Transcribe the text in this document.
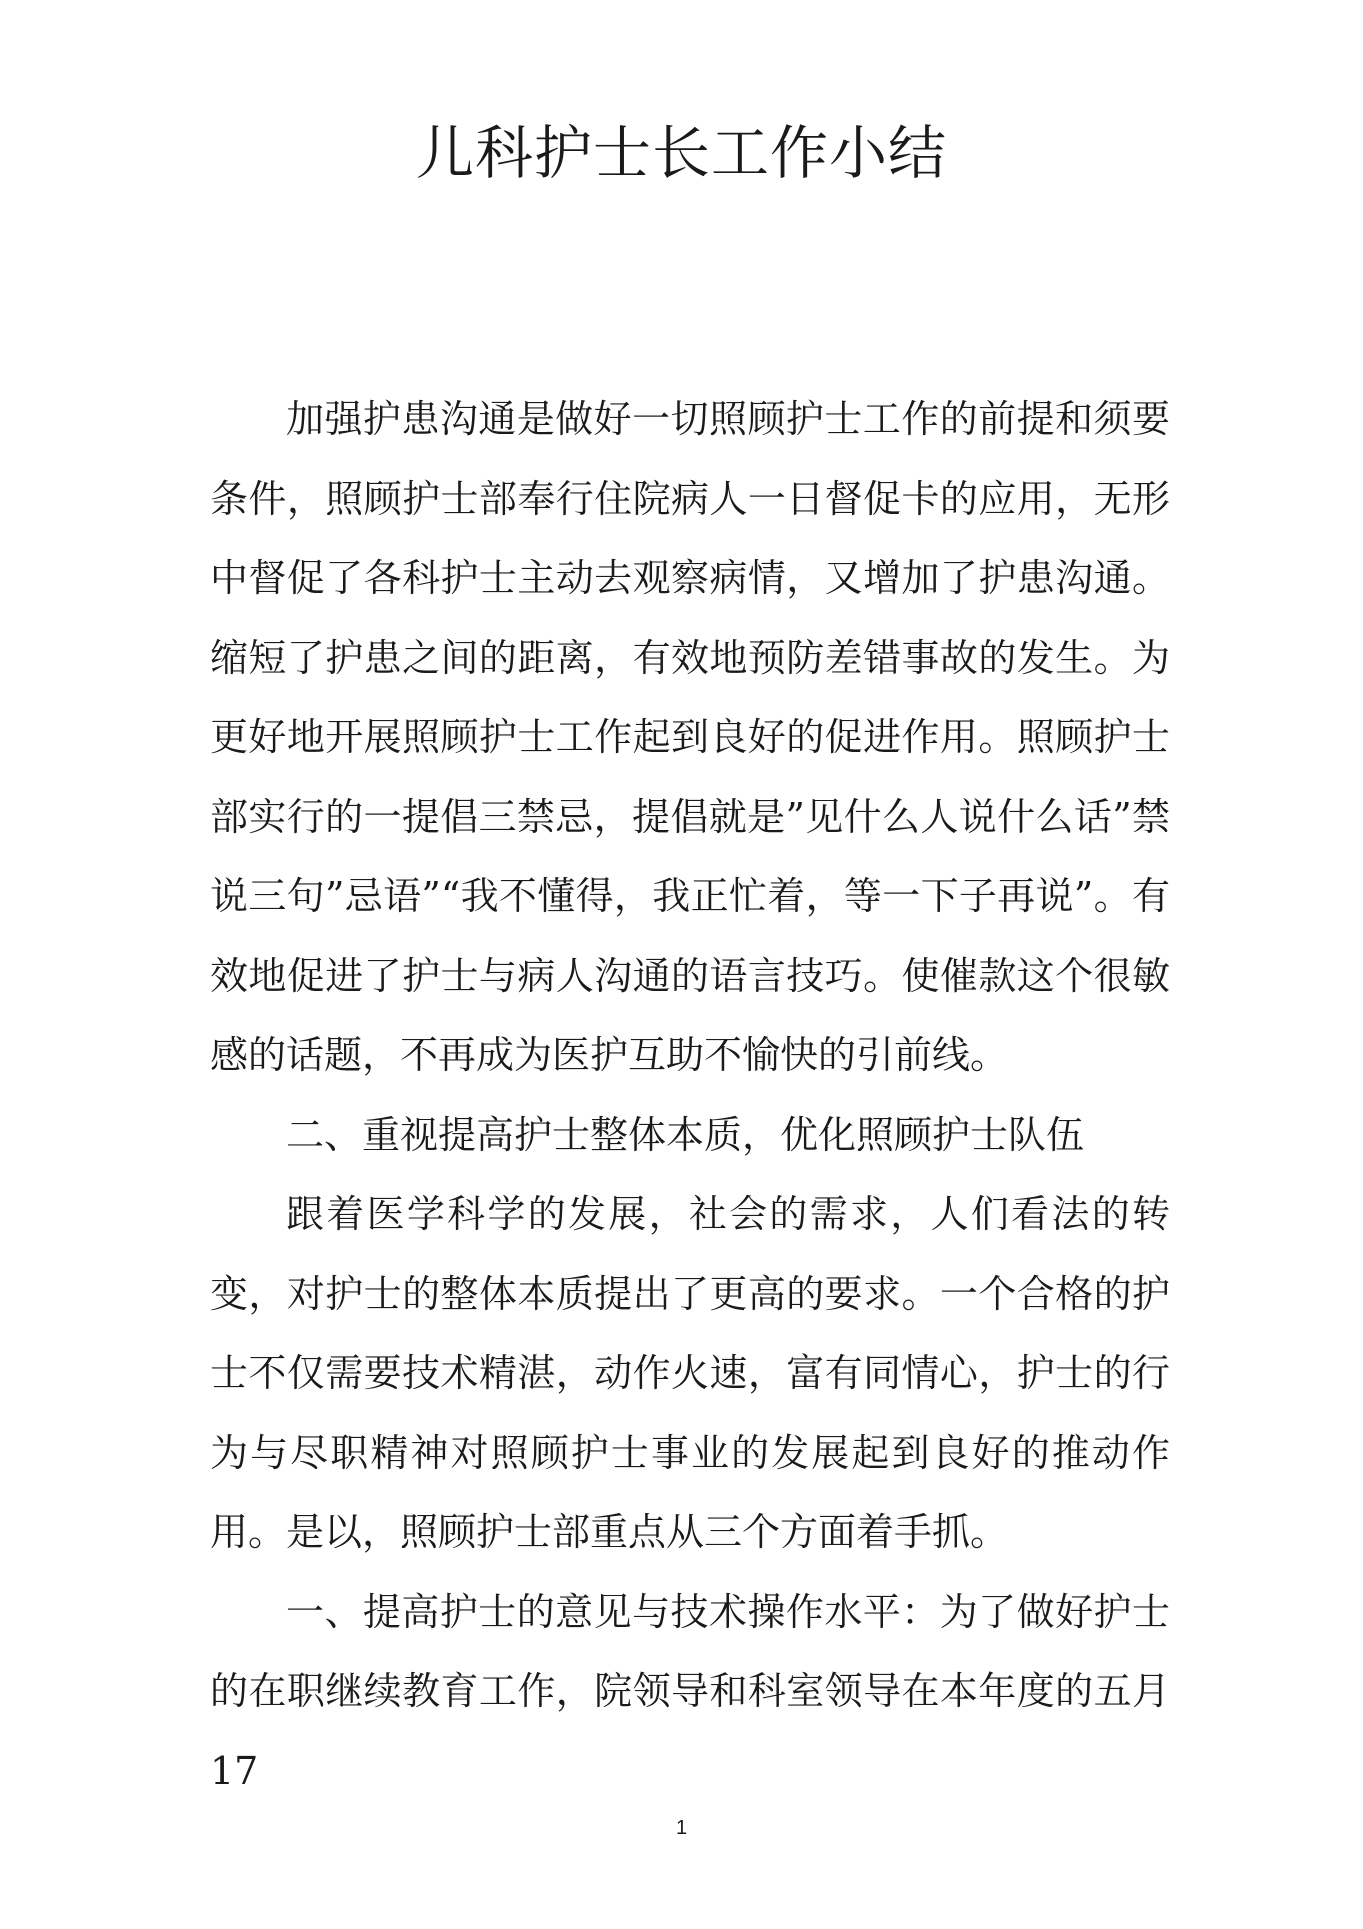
儿科护士长工作小结

加强护患沟通是做好一切照顾护士工作的前提和须要条件，照顾护士部奉行住院病人一日督促卡的应用，无形中督促了各科护士主动去观察病情，又增加了护患沟通。缩短了护患之间的距离，有效地预防差错事故的发生。为更好地开展照顾护士工作起到良好的促进作用。照顾护士部实行的一提倡三禁忌，提倡就是”见什么人说什么话”禁说三句”忌语”“我不懂得，我正忙着，等一下子再说”。有效地促进了护士与病人沟通的语言技巧。使催款这个很敏感的话题，不再成为医护互助不愉快的引前线。

二、重视提高护士整体本质，优化照顾护士队伍

跟着医学科学的发展，社会的需求，人们看法的转变，对护士的整体本质提出了更高的要求。一个合格的护士不仅需要技术精湛，动作火速，富有同情心，护士的行为与尽职精神对照顾护士事业的发展起到良好的推动作用。是以，照顾护士部重点从三个方面着手抓。

一、提高护士的意见与技术操作水平：为了做好护士的在职继续教育工作，院领导和科室领导在本年度的五月 17

1
